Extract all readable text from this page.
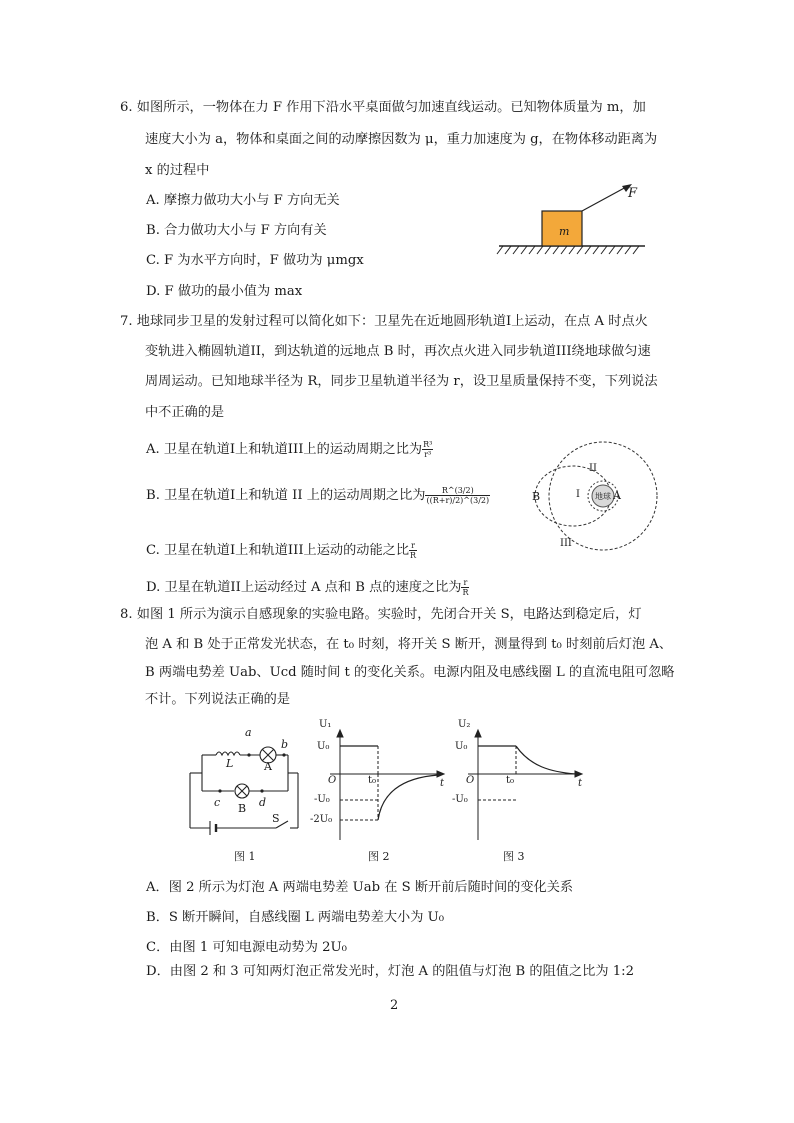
6. 如图所示，一物体在力 F 作用下沿水平桌面做匀加速直线运动。已知物体质量为 m，加
速度大小为 a，物体和桌面之间的动摩擦因数为 μ，重力加速度为 g，在物体移动距离为
x 的过程中
A. 摩擦力做功大小与 F 方向无关
B. 合力做功大小与 F 方向有关
C. F 为水平方向时，F 做功为 μmgx
D. F 做功的最小值为 max
m
F
7. 地球同步卫星的发射过程可以简化如下：卫星先在近地圆形轨道I上运动，在点 A 时点火
变轨进入椭圆轨道II，到达轨道的远地点 B 时，再次点火进入同步轨道III绕地球做匀速
周周运动。已知地球半径为 R，同步卫星轨道半径为 r，设卫星质量保持不变，下列说法
中不正确的是
A. 卫星在轨道I上和轨道III上的运动周期之比为 $\frac{\text{R³}}{\text{r³}}$
B. 卫星在轨道I上和轨道 II 上的运动周期之比为 $\frac{R\^{}(3/2)}{((R+r)/2)\^{}(3/2)}$
C. 卫星在轨道I上和轨道III上运动的动能之比 $\frac{r}{R}$
D. 卫星在轨道II上运动经过 A 点和 B 点的速度之比为 $\frac{r}{R}$
II
I 地球 A
B
III
8. 如图 1 所示为演示自感现象的实验电路。实验时，先闭合开关 S，电路达到稳定后，灯
泡 A 和 B 处于正常发光状态，在 t₀ 时刻，将开关 S 断开，测量得到 t₀ 时刻前后灯泡 A、
B 两端电势差 Uab、Ucd 随时间 t 的变化关系。电源内阻及电感线圈 L 的直流电阻可忽略
不计。下列说法正确的是
a
b
L	A
c B d
S
图 1
U₁
U₀
O	t₀	t
-U₀
-2U₀
图 2
U₂
U₀
O	t₀	t
-U₀
图 3
A．图 2 所示为灯泡 A 两端电势差 Uab 在 S 断开前后随时间的变化关系
B．S 断开瞬间，自感线圈 L 两端电势差大小为 U₀
C．由图 1 可知电源电动势为 2U₀
D．由图 2 和 3 可知两灯泡正常发光时，灯泡 A 的阻值与灯泡 B 的阻值之比为 1:2
2
